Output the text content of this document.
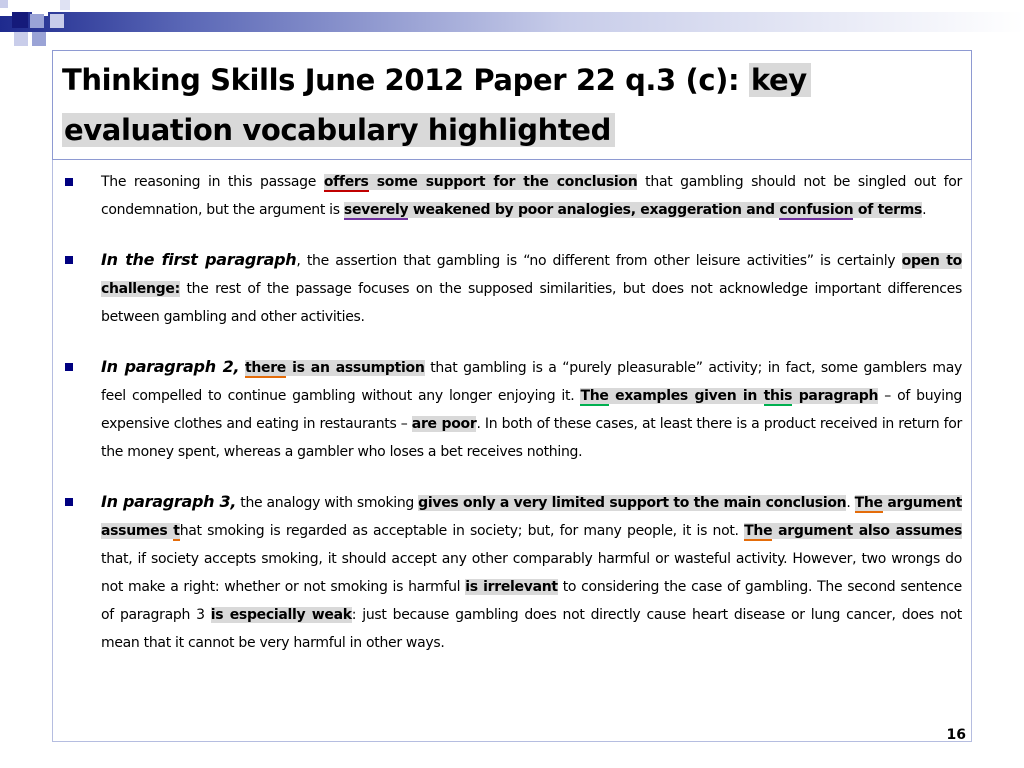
Thinking Skills June 2012 Paper 22 q.3 (c): key
evaluation vocabulary highlighted

The reasoning in this passage offers some support for the conclusion that gambling should not be singled out for condemnation, but the argument is severely weakened by poor analogies, exaggeration and confusion of terms.

In the first paragraph, the assertion that gambling is “no different from other leisure activities” is certainly open to challenge: the rest of the passage focuses on the supposed similarities, but does not acknowledge important differences between gambling and other activities.

In paragraph 2, there is an assumption that gambling is a “purely pleasurable” activity; in fact, some gamblers may feel compelled to continue gambling without any longer enjoying it. The examples given in this paragraph – of buying expensive clothes and eating in restaurants – are poor. In both of these cases, at least there is a product received in return for the money spent, whereas a gambler who loses a bet receives nothing.

In paragraph 3, the analogy with smoking gives only a very limited support to the main conclusion. The argument assumes that smoking is regarded as acceptable in society; but, for many people, it is not. The argument also assumes that, if society accepts smoking, it should accept any other comparably harmful or wasteful activity. However, two wrongs do not make a right: whether or not smoking is harmful is irrelevant to considering the case of gambling. The second sentence of paragraph 3 is especially weak: just because gambling does not directly cause heart disease or lung cancer, does not mean that it cannot be very harmful in other ways.

16
